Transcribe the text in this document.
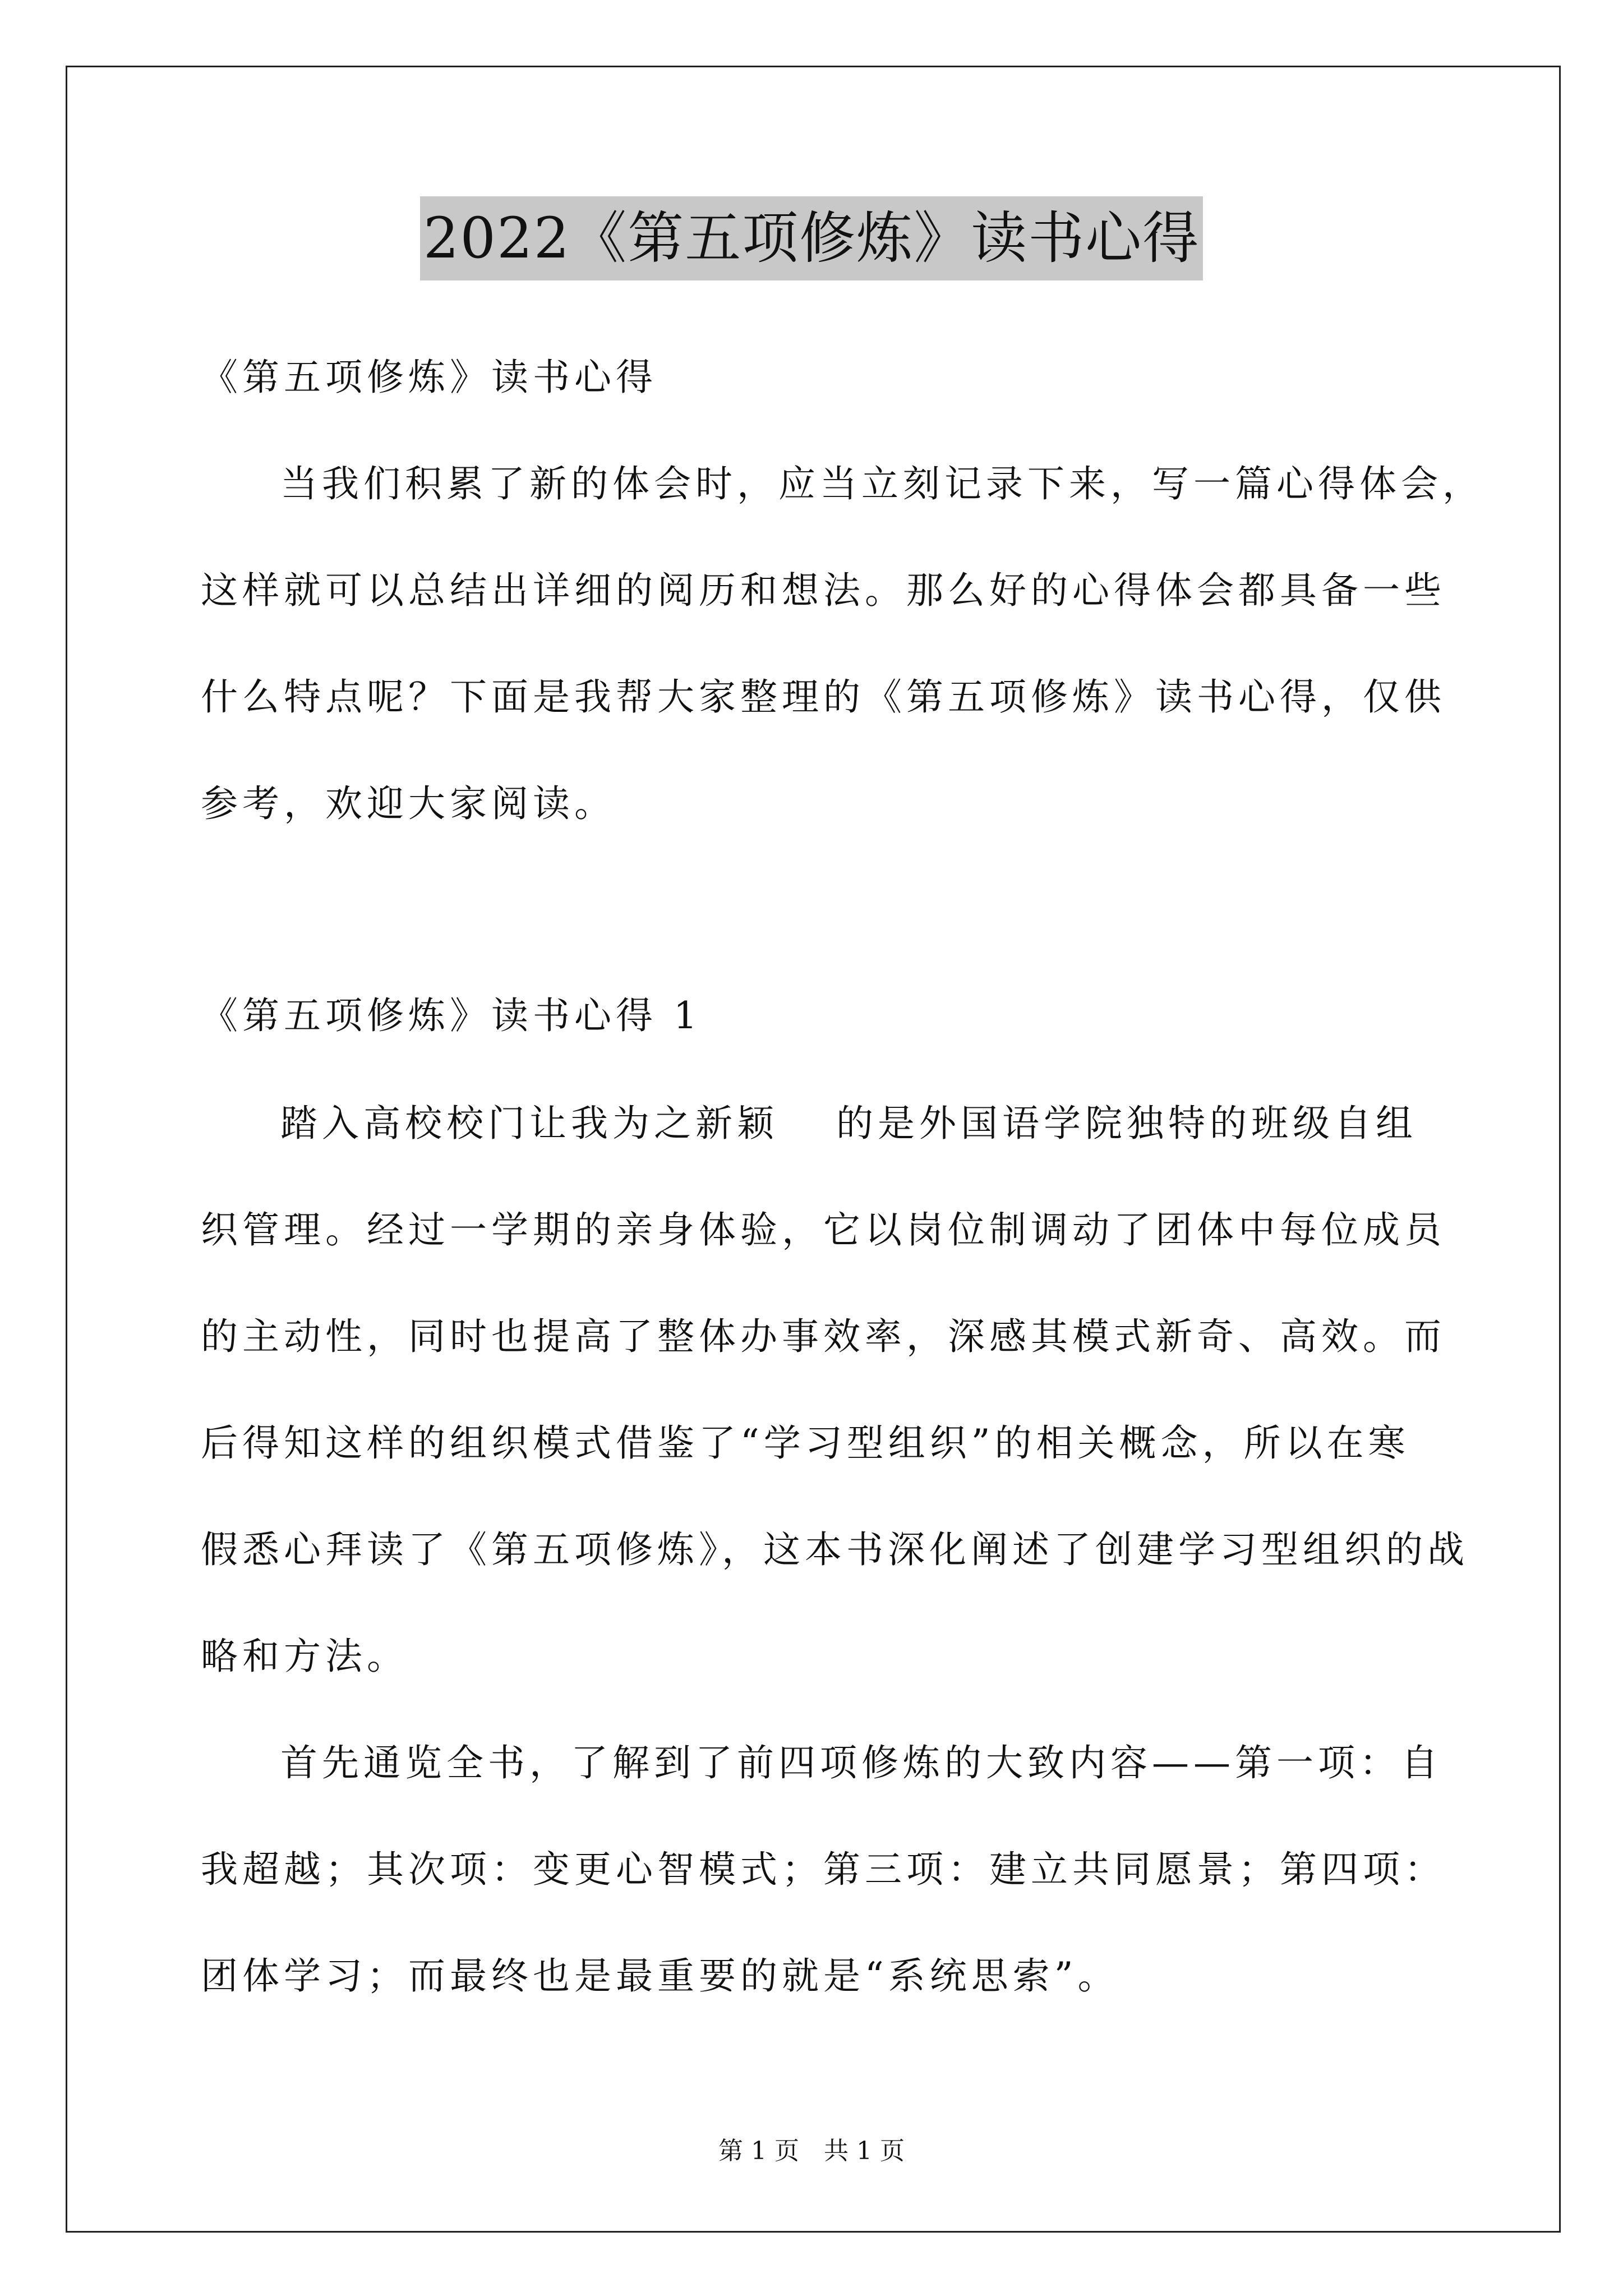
2022《第五项修炼》读书心得
《第五项修炼》读书心得
当我们积累了新的体会时，应当立刻记录下来，写一篇心得体会，
这样就可以总结出详细的阅历和想法。那么好的心得体会都具备一些
什么特点呢？下面是我帮大家整理的《第五项修炼》读书心得，仅供
参考，欢迎大家阅读。
《第五项修炼》读书心得 1
踏入高校校门让我为之新颖　 的是外国语学院独特的班级自组
织管理。经过一学期的亲身体验，它以岗位制调动了团体中每位成员
的主动性，同时也提高了整体办事效率，深感其模式新奇、高效。而
后得知这样的组织模式借鉴了“学习型组织”的相关概念，所以在寒
假悉心拜读了《第五项修炼》，这本书深化阐述了创建学习型组织的战
略和方法。
首先通览全书，了解到了前四项修炼的大致内容——第一项：自
我超越；其次项：变更心智模式；第三项：建立共同愿景；第四项：
团体学习；而最终也是最重要的就是“系统思索”。
第 1 页　共 1 页
